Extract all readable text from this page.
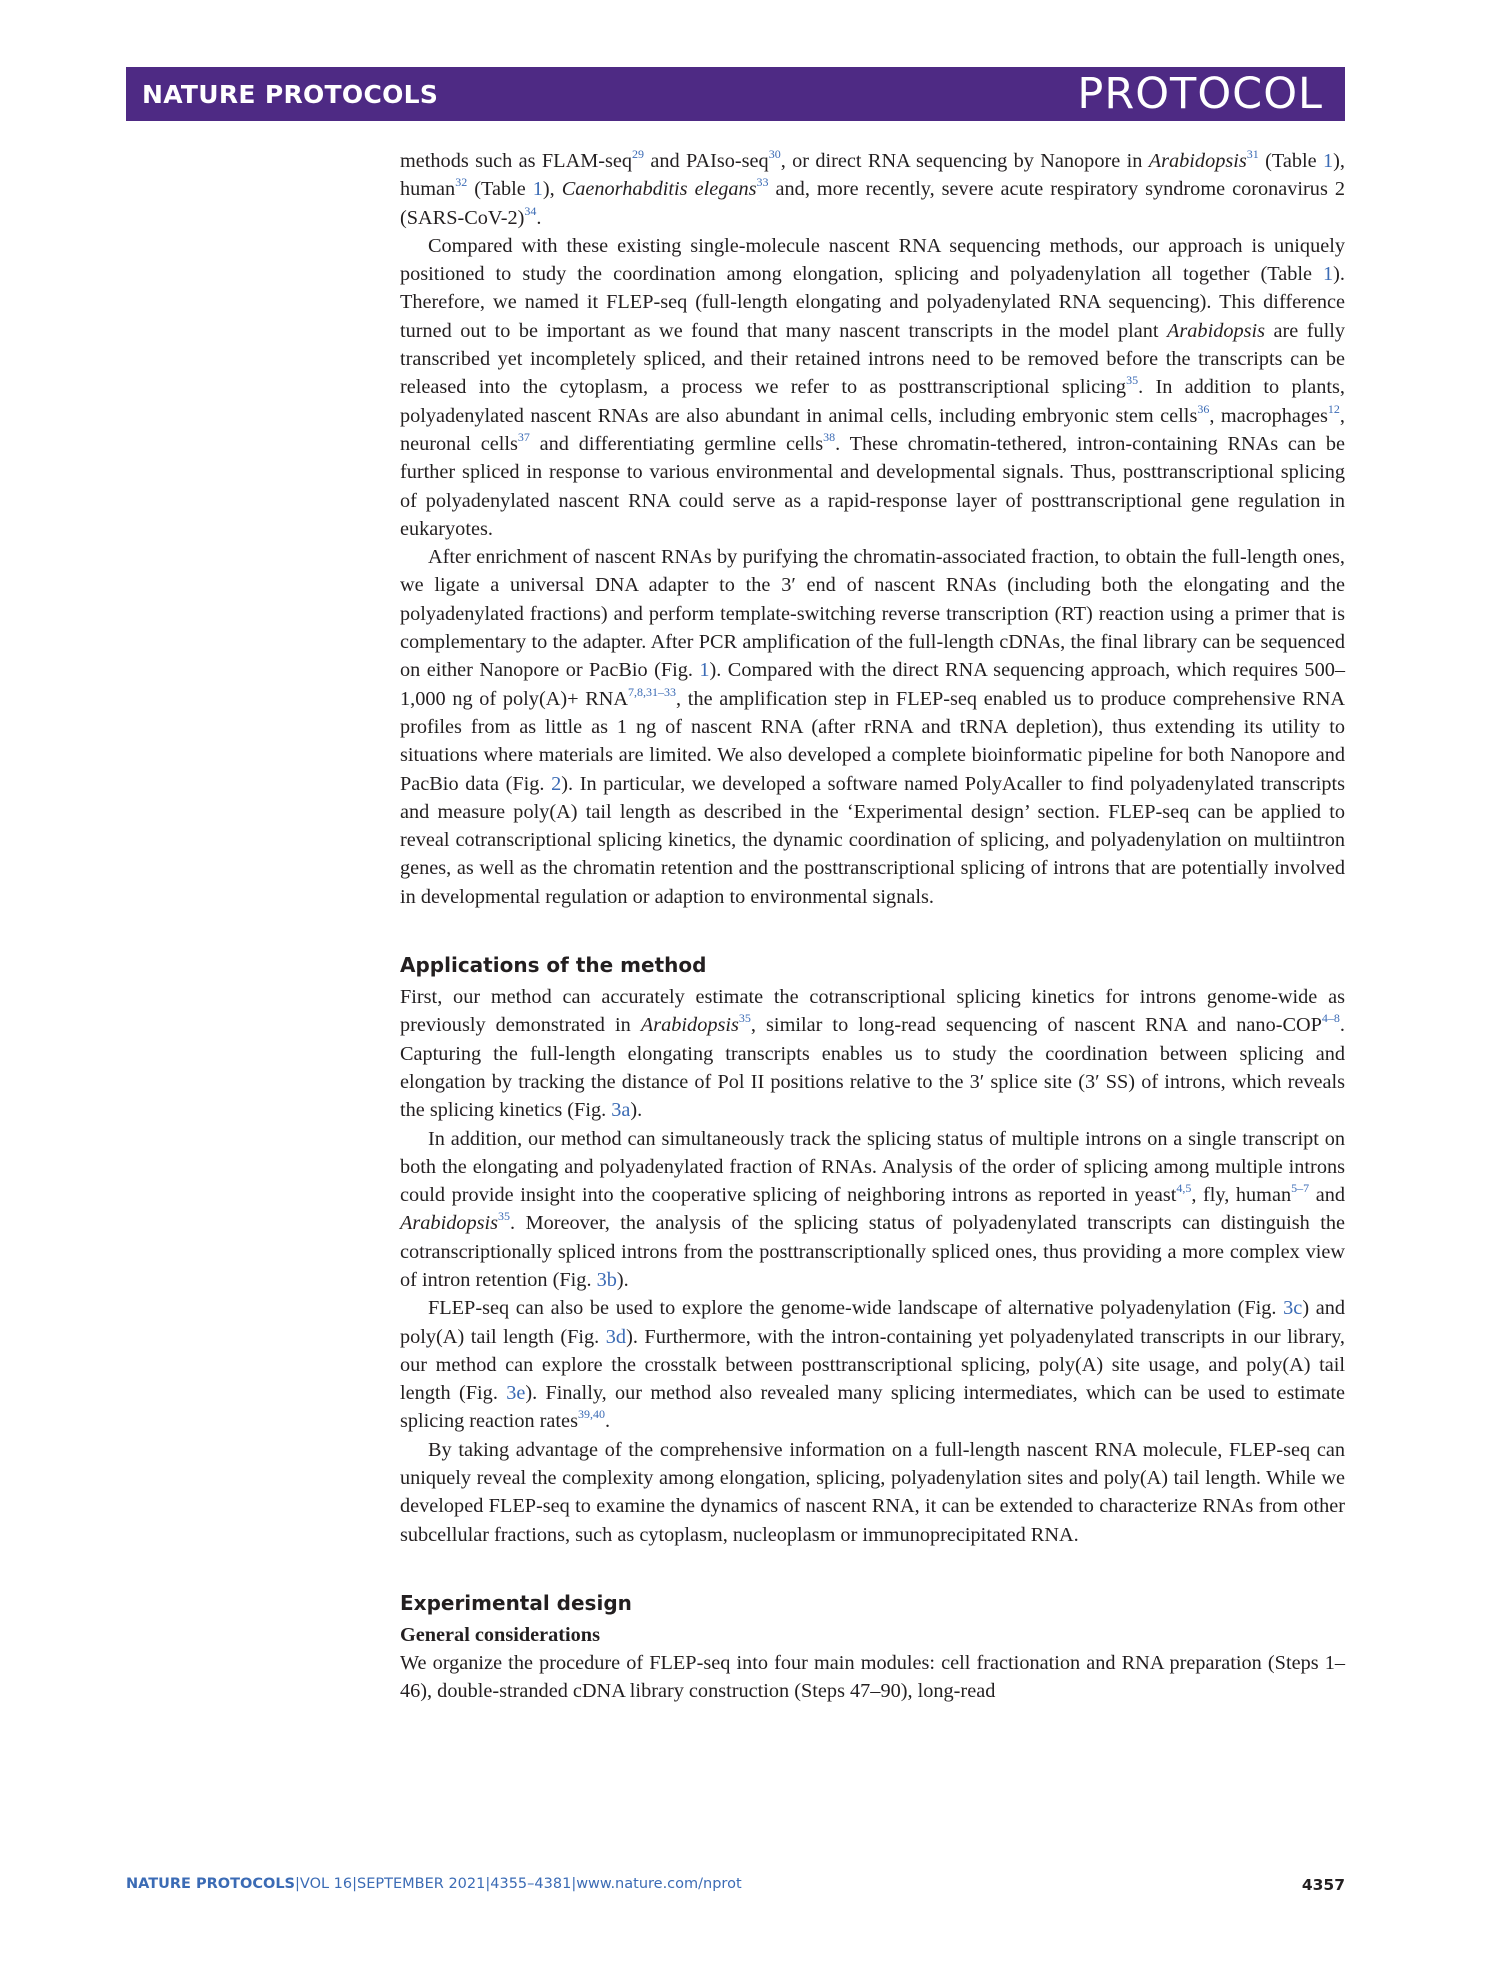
NATURE PROTOCOLS	PROTOCOL

methods such as FLAM-seq$^{29}$ and PAIso-seq$^{30}$, or direct RNA sequencing by Nanopore in Arabidopsis$^{31}$ (Table 1), human$^{32}$ (Table 1), Caenorhabditis elegans$^{33}$ and, more recently, severe acute respiratory syndrome coronavirus 2 (SARS-CoV-2)$^{34}$.

Compared with these existing single-molecule nascent RNA sequencing methods, our approach is uniquely positioned to study the coordination among elongation, splicing and polyadenylation all together (Table 1). Therefore, we named it FLEP-seq (full-length elongating and polyadenylated RNA sequencing). This difference turned out to be important as we found that many nascent transcripts in the model plant Arabidopsis are fully transcribed yet incompletely spliced, and their retained introns need to be removed before the transcripts can be released into the cytoplasm, a process we refer to as posttranscriptional splicing$^{35}$. In addition to plants, polyadenylated nascent RNAs are also abundant in animal cells, including embryonic stem cells$^{36}$, macrophages$^{12}$, neuronal cells$^{37}$ and differentiating germline cells$^{38}$. These chromatin-tethered, intron-containing RNAs can be further spliced in response to various environmental and developmental signals. Thus, posttranscriptional splicing of polyadenylated nascent RNA could serve as a rapid-response layer of posttranscriptional gene regulation in eukaryotes.

After enrichment of nascent RNAs by purifying the chromatin-associated fraction, to obtain the full-length ones, we ligate a universal DNA adapter to the 3′ end of nascent RNAs (including both the elongating and the polyadenylated fractions) and perform template-switching reverse transcription (RT) reaction using a primer that is complementary to the adapter. After PCR amplification of the full-length cDNAs, the final library can be sequenced on either Nanopore or PacBio (Fig. 1). Compared with the direct RNA sequencing approach, which requires 500–1,000 ng of poly(A)+ RNA$^{7,8,31-33}$, the amplification step in FLEP-seq enabled us to produce comprehensive RNA profiles from as little as 1 ng of nascent RNA (after rRNA and tRNA depletion), thus extending its utility to situations where materials are limited. We also developed a complete bioinformatic pipeline for both Nanopore and PacBio data (Fig. 2). In particular, we developed a software named PolyAcaller to find polyadenylated transcripts and measure poly(A) tail length as described in the ‘Experimental design’ section. FLEP-seq can be applied to reveal cotranscriptional splicing kinetics, the dynamic coordination of splicing, and polyadenylation on multiintron genes, as well as the chromatin retention and the posttranscriptional splicing of introns that are potentially involved in developmental regulation or adaption to environmental signals.

Applications of the method

First, our method can accurately estimate the cotranscriptional splicing kinetics for introns genome-wide as previously demonstrated in Arabidopsis$^{35}$, similar to long-read sequencing of nascent RNA and nano-COP$^{4-8}$. Capturing the full-length elongating transcripts enables us to study the coordination between splicing and elongation by tracking the distance of Pol II positions relative to the 3′ splice site (3′ SS) of introns, which reveals the splicing kinetics (Fig. 3a).

In addition, our method can simultaneously track the splicing status of multiple introns on a single transcript on both the elongating and polyadenylated fraction of RNAs. Analysis of the order of splicing among multiple introns could provide insight into the cooperative splicing of neighboring introns as reported in yeast$^{4,5}$, fly, human$^{5-7}$ and Arabidopsis$^{35}$. Moreover, the analysis of the splicing status of polyadenylated transcripts can distinguish the cotranscriptionally spliced introns from the posttranscriptionally spliced ones, thus providing a more complex view of intron retention (Fig. 3b).

FLEP-seq can also be used to explore the genome-wide landscape of alternative polyadenylation (Fig. 3c) and poly(A) tail length (Fig. 3d). Furthermore, with the intron-containing yet polyadenylated transcripts in our library, our method can explore the crosstalk between posttranscriptional splicing, poly(A) site usage, and poly(A) tail length (Fig. 3e). Finally, our method also revealed many splicing intermediates, which can be used to estimate splicing reaction rates$^{39,40}$.

By taking advantage of the comprehensive information on a full-length nascent RNA molecule, FLEP-seq can uniquely reveal the complexity among elongation, splicing, polyadenylation sites and poly(A) tail length. While we developed FLEP-seq to examine the dynamics of nascent RNA, it can be extended to characterize RNAs from other subcellular fractions, such as cytoplasm, nucleoplasm or immunoprecipitated RNA.

Experimental design
General considerations

We organize the procedure of FLEP-seq into four main modules: cell fractionation and RNA preparation (Steps 1–46), double-stranded cDNA library construction (Steps 47–90), long-read

NATURE PROTOCOLS|VOL 16|SEPTEMBER 2021|4355–4381|www.nature.com/nprot	4357
